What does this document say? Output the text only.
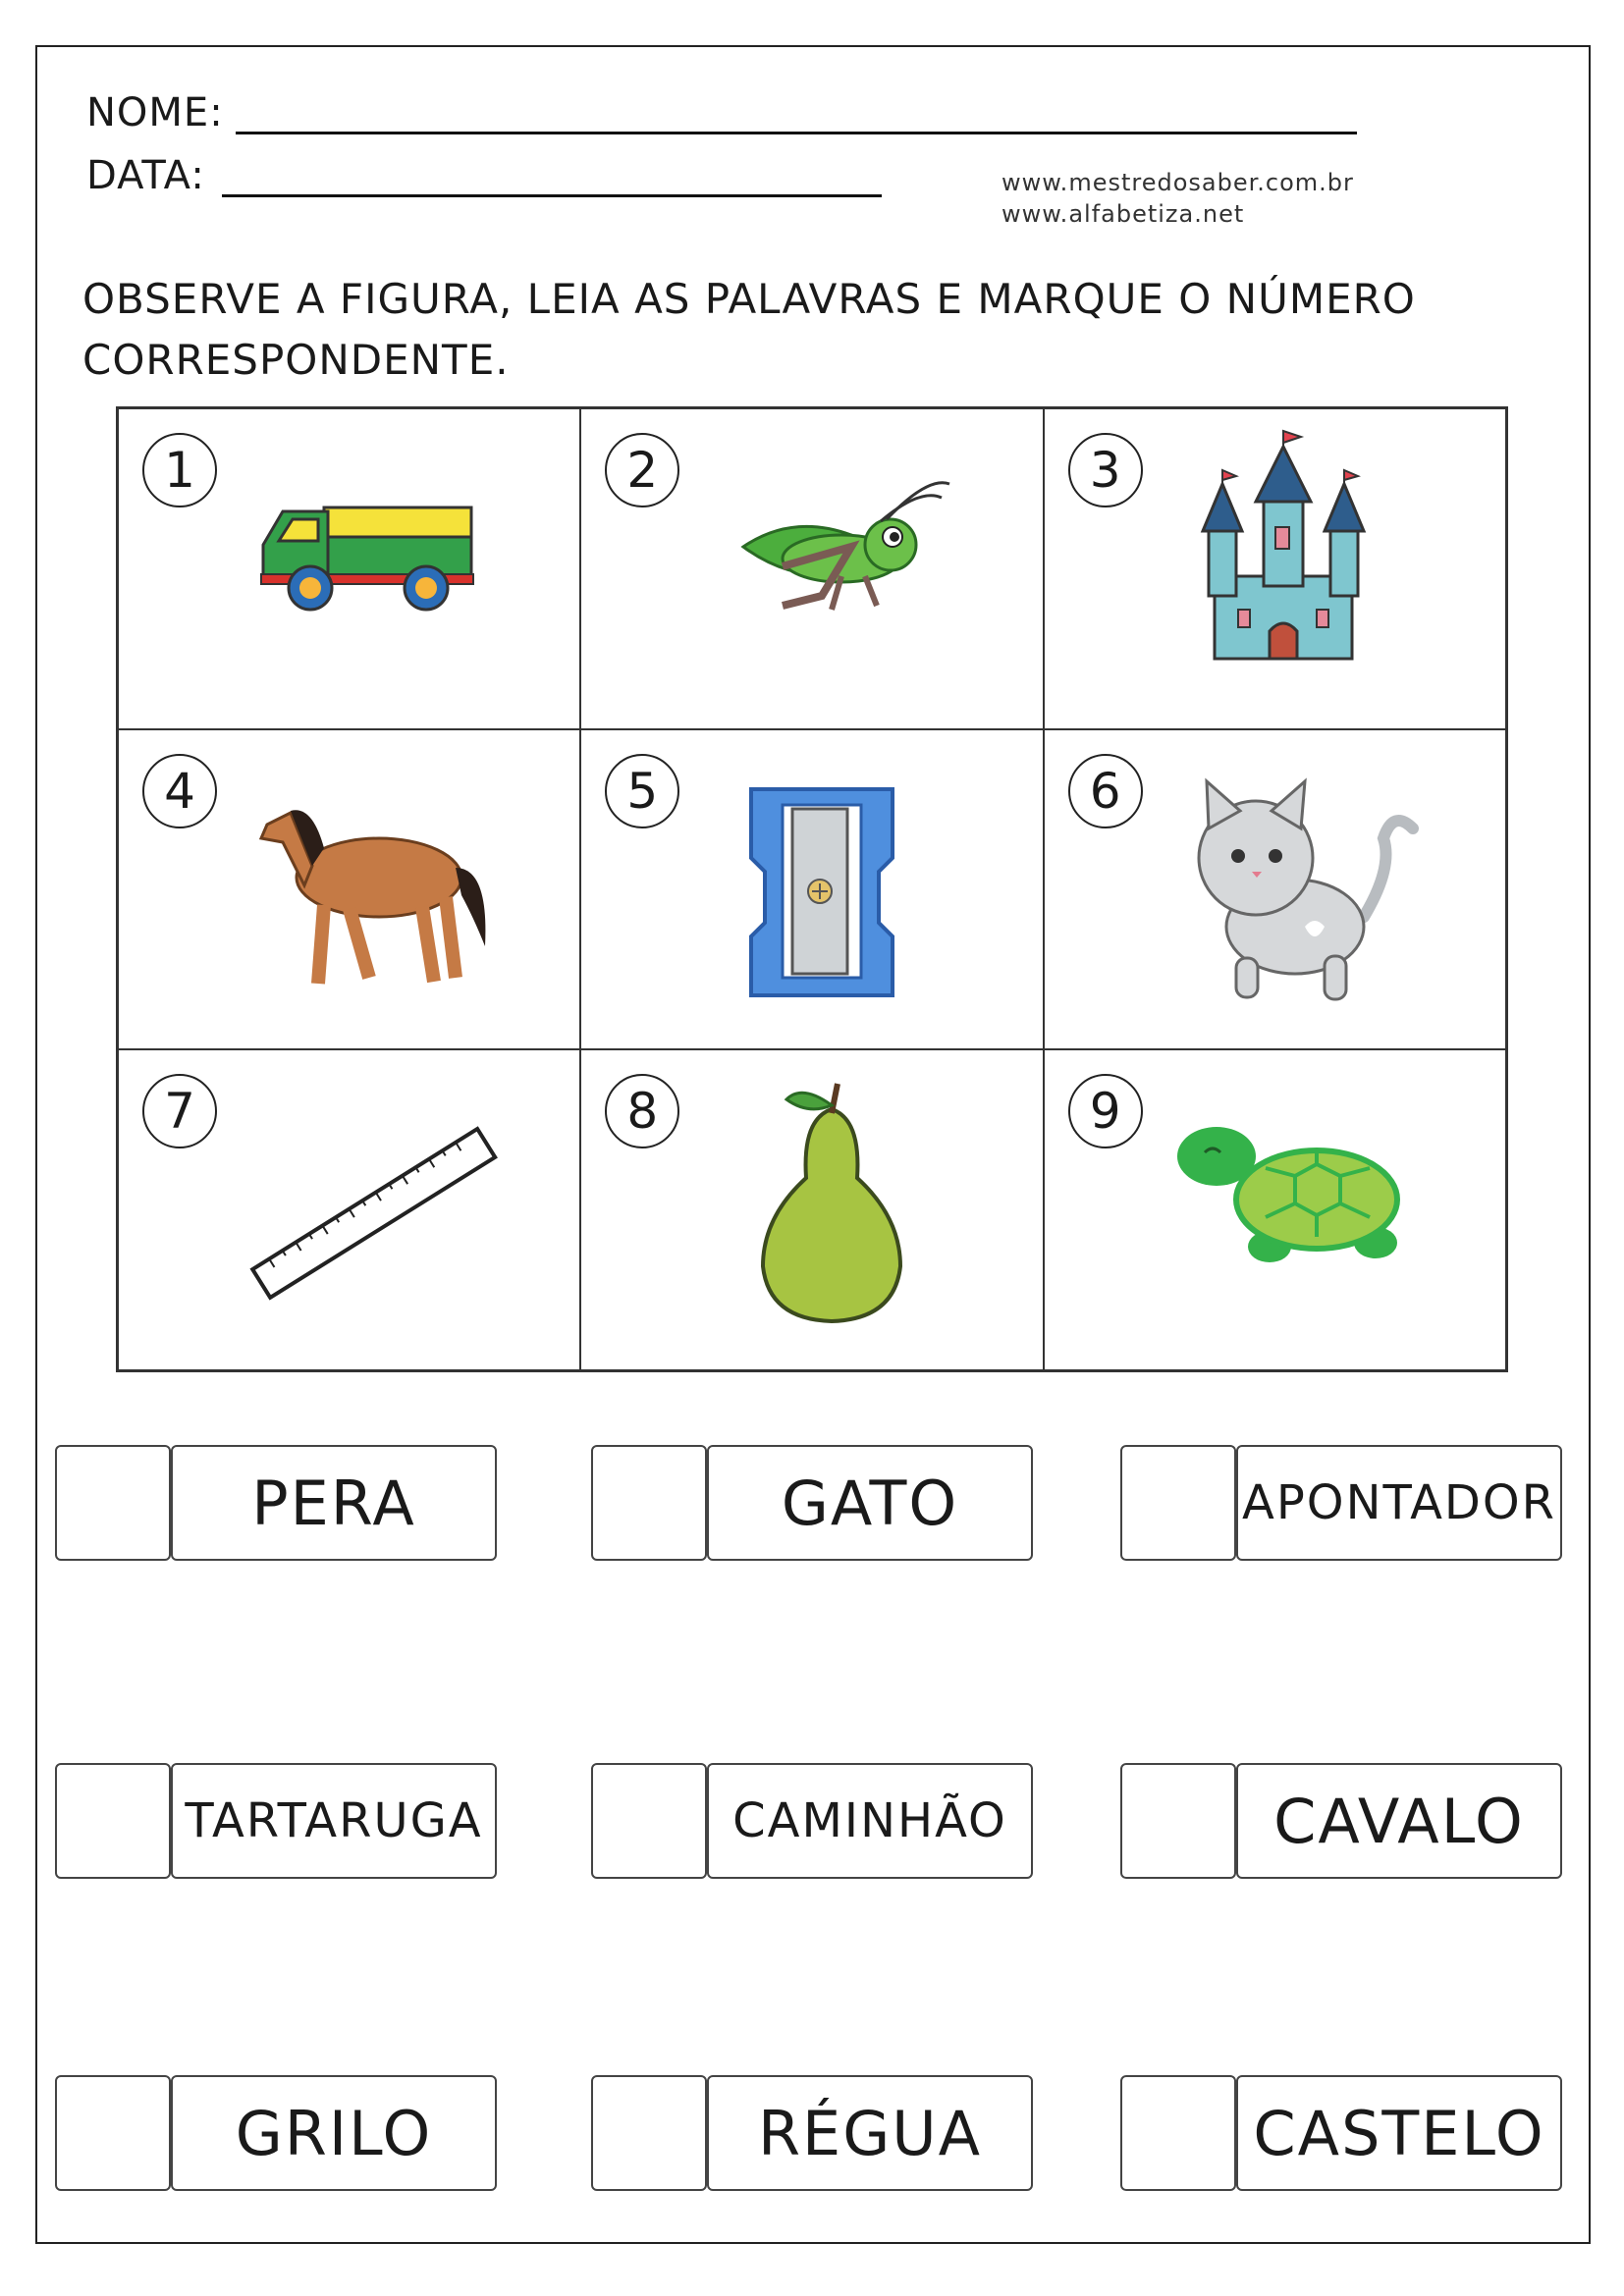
NOME:
DATA:	www.mestredosaber.com.br
www.alfabetiza.net
OBSERVE A FIGURA, LEIA AS PALAVRAS E MARQUE O NÚMERO CORRESPONDENTE.
1	2	3
4	5	6
7	8	9
PERA	GATO	APONTADOR
TARTARUGA	CAMINHÃO	CAVALO
GRILO	RÉGUA	CASTELO
